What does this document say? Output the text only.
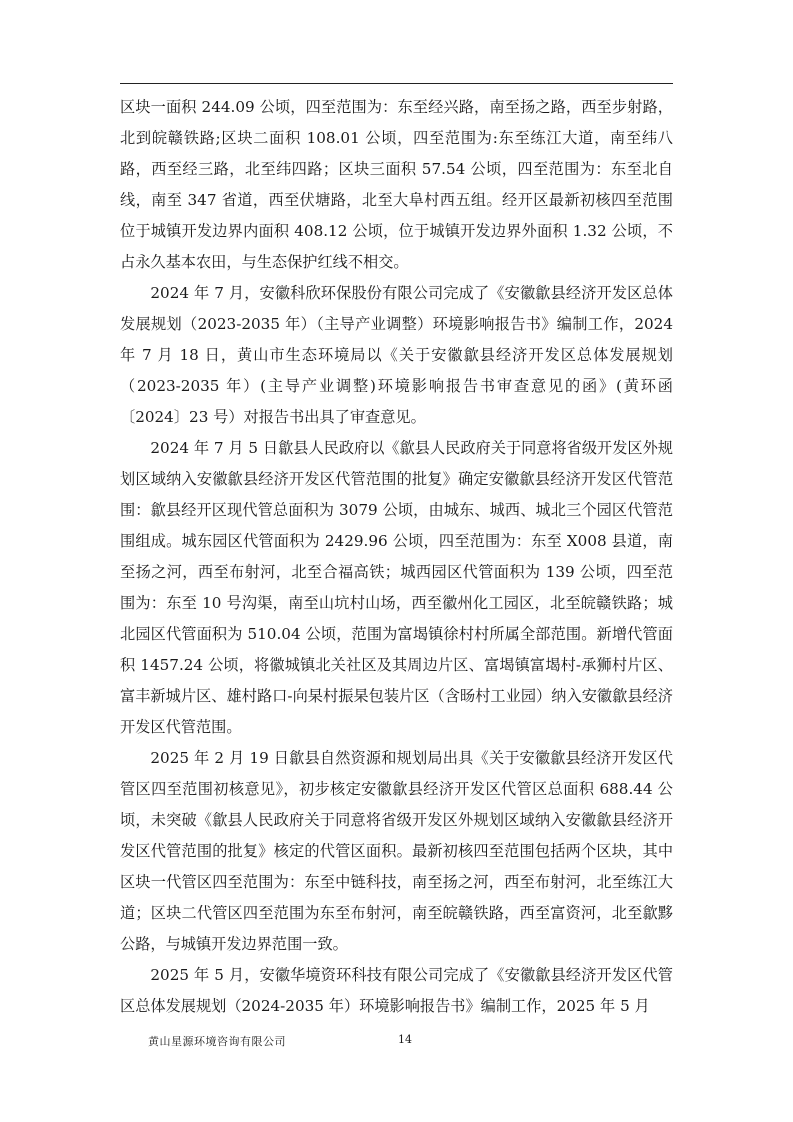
区块一面积 244.09 公顷，四至范围为：东至经兴路，南至扬之路，西至步射路，北到皖赣铁路;区块二面积 108.01 公顷，四至范围为:东至练江大道，南至纬八路，西至经三路，北至纬四路；区块三面积 57.54 公顷，四至范围为：东至北自线，南至 347 省道，西至伏塘路，北至大阜村西五组。经开区最新初核四至范围位于城镇开发边界内面积 408.12 公顷，位于城镇开发边界外面积 1.32 公顷，不占永久基本农田，与生态保护红线不相交。

2024 年 7 月，安徽科欣环保股份有限公司完成了《安徽歙县经济开发区总体发展规划（2023-2035 年）（主导产业调整）环境影响报告书》编制工作，2024 年 7 月 18 日，黄山市生态环境局以《关于安徽歙县经济开发区总体发展规划（2023-2035 年）(主导产业调整)环境影响报告书审查意见的函》(黄环函〔2024〕23 号）对报告书出具了审查意见。

2024 年 7 月 5 日歙县人民政府以《歙县人民政府关于同意将省级开发区外规划区域纳入安徽歙县经济开发区代管范围的批复》确定安徽歙县经济开发区代管范围：歙县经开区现代管总面积为 3079 公顷，由城东、城西、城北三个园区代管范围组成。城东园区代管面积为 2429.96 公顷，四至范围为：东至 X008 县道，南至扬之河，西至布射河，北至合福高铁；城西园区代管面积为 139 公顷，四至范围为：东至 10 号沟渠，南至山坑村山场，西至徽州化工园区，北至皖赣铁路；城北园区代管面积为 510.04 公顷，范围为富堨镇徐村村所属全部范围。新增代管面积 1457.24 公顷，将徽城镇北关社区及其周边片区、富堨镇富堨村-承狮村片区、富丰新城片区、雄村路口-向杲村振杲包装片区（含旸村工业园）纳入安徽歙县经济开发区代管范围。

2025 年 2 月 19 日歙县自然资源和规划局出具《关于安徽歙县经济开发区代管区四至范围初核意见》，初步核定安徽歙县经济开发区代管区总面积 688.44 公顷，未突破《歙县人民政府关于同意将省级开发区外规划区域纳入安徽歙县经济开发区代管范围的批复》核定的代管区面积。最新初核四至范围包括两个区块，其中区块一代管区四至范围为：东至中链科技，南至扬之河，西至布射河，北至练江大道；区块二代管区四至范围为东至布射河，南至皖赣铁路，西至富资河，北至歙黟公路，与城镇开发边界范围一致。

2025 年 5 月，安徽华境资环科技有限公司完成了《安徽歙县经济开发区代管区总体发展规划（2024-2035 年）环境影响报告书》编制工作，2025 年 5 月

黄山星源环境咨询有限公司	14
